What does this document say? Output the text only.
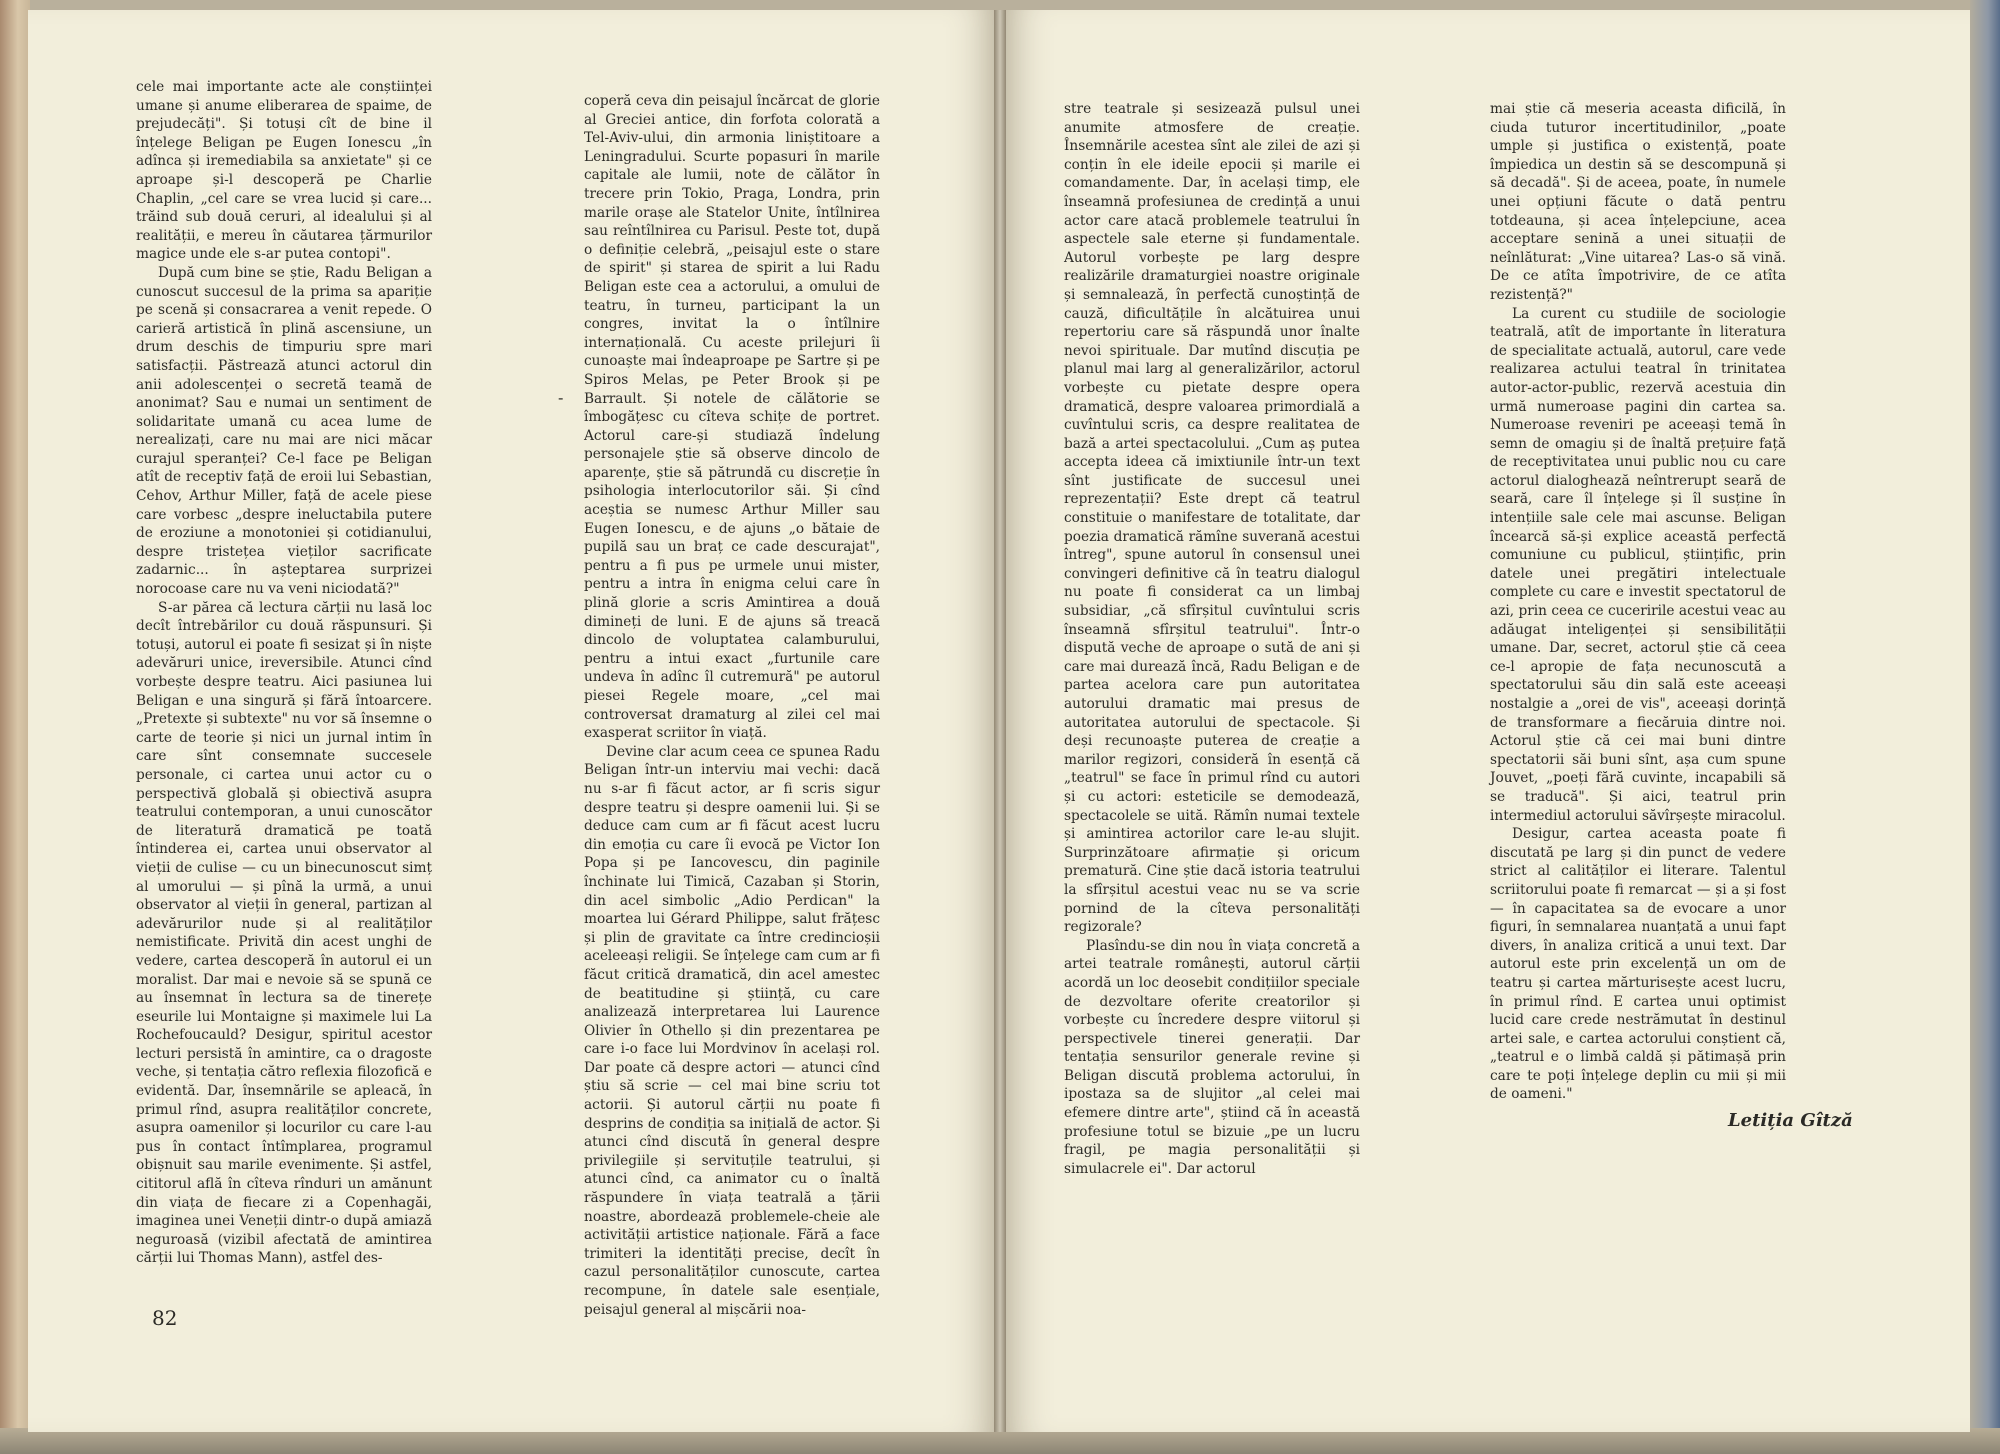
cele mai importante acte ale conștiinței umane și anume eliberarea de spaime, de prejudecăți". Și totuși cît de bine il înțelege Beligan pe Eugen Ionescu „în adînca și iremediabila sa anxietate" și ce aproape și-l descoperă pe Charlie Chaplin, „cel care se vrea lucid și care... trăind sub două ceruri, al idealului și al realității, e mereu în căutarea țărmurilor magice unde ele s-ar putea contopi".

După cum bine se știe, Radu Beligan a cunoscut succesul de la prima sa apariție pe scenă și consacrarea a venit repede. O carieră artistică în plină ascensiune, un drum deschis de timpuriu spre mari satisfacții. Păstrează atunci actorul din anii adolescenței o secretă teamă de anonimat? Sau e numai un sentiment de solidaritate umană cu acea lume de nerealizați, care nu mai are nici măcar curajul speranței? Ce-l face pe Beligan atît de receptiv față de eroii lui Sebastian, Cehov, Arthur Miller, față de acele piese care vorbesc „despre ineluctabila putere de eroziune a monotoniei și cotidianului, despre tristețea vieților sacrificate zadarnic... în așteptarea surprizei norocoase care nu va veni niciodată?"

S-ar părea că lectura cărții nu lasă loc decît întrebărilor cu două răspunsuri. Și totuși, autorul ei poate fi sesizat și în niște adevăruri unice, ireversibile. Atunci cînd vorbește despre teatru. Aici pasiunea lui Beligan e una singură și fără întoarcere. „Pretexte și subtexte" nu vor să însemne o carte de teorie și nici un jurnal intim în care sînt consemnate succesele personale, ci cartea unui actor cu o perspectivă globală și obiectivă asupra teatrului contemporan, a unui cunoscător de literatură dramatică pe toată întinderea ei, cartea unui observator al vieții de culise — cu un binecunoscut simț al umorului — și pînă la urmă, a unui observator al vieții în general, partizan al adevărurilor nude și al realităților nemistificate. Privită din acest unghi de vedere, cartea descoperă în autorul ei un moralist. Dar mai e nevoie să se spună ce au însemnat în lectura sa de tinerețe eseurile lui Montaigne și maximele lui La Rochefoucauld? Desigur, spiritul acestor lecturi persistă în amintire, ca o dragoste veche, și tentația cătro reflexia filozofică e evidentă. Dar, însemnările se apleacă, în primul rînd, asupra realităților concrete, asupra oamenilor și locurilor cu care l-au pus în contact întîmplarea, programul obișnuit sau marile evenimente. Și astfel, cititorul află în cîteva rînduri un amănunt din viața de fiecare zi a Copenhagăi, imaginea unei Veneții dintr-o după amiază neguroasă (vizibil afectată de amintirea cărții lui Thomas Mann), astfel des-

-

coperă ceva din peisajul încărcat de glorie al Greciei antice, din forfota colorată a Tel-Aviv-ului, din armonia liniștitoare a Leningradului. Scurte popasuri în marile capitale ale lumii, note de călător în trecere prin Tokio, Praga, Londra, prin marile orașe ale Statelor Unite, întîlnirea sau reîntîlnirea cu Parisul. Peste tot, după o definiție celebră, „peisajul este o stare de spirit" și starea de spirit a lui Radu Beligan este cea a actorului, a omului de teatru, în turneu, participant la un congres, invitat la o întîlnire internațională. Cu aceste prilejuri îi cunoaște mai îndeaproape pe Sartre și pe Spiros Melas, pe Peter Brook și pe Barrault. Și notele de călătorie se îmbogățesc cu cîteva schițe de portret. Actorul care-și studiază îndelung personajele știe să observe dincolo de aparențe, știe să pătrundă cu discreție în psihologia interlocutorilor săi. Și cînd aceștia se numesc Arthur Miller sau Eugen Ionescu, e de ajuns „o bătaie de pupilă sau un braț ce cade descurajat", pentru a fi pus pe urmele unui mister, pentru a intra în enigma celui care în plină glorie a scris Amintirea a două dimineți de luni. E de ajuns să treacă dincolo de voluptatea calamburului, pentru a intui exact „furtunile care undeva în adînc îl cutremură" pe autorul piesei Regele moare, „cel mai controversat dramaturg al zilei cel mai exasperat scriitor în viață.

Devine clar acum ceea ce spunea Radu Beligan într-un interviu mai vechi: dacă nu s-ar fi făcut actor, ar fi scris sigur despre teatru și despre oamenii lui. Și se deduce cam cum ar fi făcut acest lucru din emoția cu care îi evocă pe Victor Ion Popa și pe Iancovescu, din paginile închinate lui Timică, Cazaban și Storin, din acel simbolic „Adio Perdican" la moartea lui Gérard Philippe, salut frățesc și plin de gravitate ca între credincioșii aceleeași religii. Se înțelege cam cum ar fi făcut critică dramatică, din acel amestec de beatitudine și știință, cu care analizează interpretarea lui Laurence Olivier în Othello și din prezentarea pe care i-o face lui Mordvinov în același rol. Dar poate că despre actori — atunci cînd știu să scrie — cel mai bine scriu tot actorii. Și autorul cărții nu poate fi desprins de condiția sa inițială de actor. Și atunci cînd discută în general despre privilegiile și servituțile teatrului, și atunci cînd, ca animator cu o înaltă răspundere în viața teatrală a țării noastre, abordează problemele-cheie ale activității artistice naționale. Fără a face trimiteri la identități precise, decît în cazul personalităților cunoscute, cartea recompune, în datele sale esențiale, peisajul general al mișcării noa-

82

stre teatrale și sesizează pulsul unei anumite atmosfere de creație. Însemnările acestea sînt ale zilei de azi și conțin în ele ideile epocii și marile ei comandamente. Dar, în același timp, ele înseamnă profesiunea de credință a unui actor care atacă problemele teatrului în aspectele sale eterne și fundamentale. Autorul vorbește pe larg despre realizările dramaturgiei noastre originale și semnalează, în perfectă cunoștință de cauză, dificultățile în alcătuirea unui repertoriu care să răspundă unor înalte nevoi spirituale. Dar mutînd discuția pe planul mai larg al generalizărilor, actorul vorbește cu pietate despre opera dramatică, despre valoarea primordială a cuvîntului scris, ca despre realitatea de bază a artei spectacolului. „Cum aș putea accepta ideea că imixtiunile într-un text sînt justificate de succesul unei reprezentații? Este drept că teatrul constituie o manifestare de totalitate, dar poezia dramatică rămîne suverană acestui întreg", spune autorul în consensul unei convingeri definitive că în teatru dialogul nu poate fi considerat ca un limbaj subsidiar, „că sfîrșitul cuvîntului scris înseamnă sfîrșitul teatrului". Într-o dispută veche de aproape o sută de ani și care mai durează încă, Radu Beligan e de partea acelora care pun autoritatea autorului dramatic mai presus de autoritatea autorului de spectacole. Și deși recunoaște puterea de creație a marilor regizori, consideră în esență că „teatrul" se face în primul rînd cu autori și cu actori: esteticile se demodează, spectacolele se uită. Rămîn numai textele și amintirea actorilor care le-au slujit. Surprinzătoare afirmație și oricum prematură. Cine știe dacă istoria teatrului la sfîrșitul acestui veac nu se va scrie pornind de la cîteva personalități regizorale?

Plasîndu-se din nou în viața concretă a artei teatrale românești, autorul cărții acordă un loc deosebit condițiilor speciale de dezvoltare oferite creatorilor și vorbește cu încredere despre viitorul și perspectivele tinerei generații. Dar tentația sensurilor generale revine și Beligan discută problema actorului, în ipostaza sa de slujitor „al celei mai efemere dintre arte", știind că în această profesiune totul se bizuie „pe un lucru fragil, pe magia personalității și simulacrele ei". Dar actorul

mai știe că meseria aceasta dificilă, în ciuda tuturor incertitudinilor, „poate umple și justifica o existență, poate împiedica un destin să se descompună și să decadă". Și de aceea, poate, în numele unei opțiuni făcute o dată pentru totdeauna, și acea înțelepciune, acea acceptare senină a unei situații de neînlăturat: „Vine uitarea? Las-o să vină. De ce atîta împotrivire, de ce atîta rezistență?"

La curent cu studiile de sociologie teatrală, atît de importante în literatura de specialitate actuală, autorul, care vede realizarea actului teatral în trinitatea autor-actor-public, rezervă acestuia din urmă numeroase pagini din cartea sa. Numeroase reveniri pe aceeași temă în semn de omagiu și de înaltă prețuire față de receptivitatea unui public nou cu care actorul dialoghează neîntrerupt seară de seară, care îl înțelege și îl susține în intențiile sale cele mai ascunse. Beligan încearcă să-și explice această perfectă comuniune cu publicul, științific, prin datele unei pregătiri intelectuale complete cu care e investit spectatorul de azi, prin ceea ce cuceririle acestui veac au adăugat inteligenței și sensibilității umane. Dar, secret, actorul știe că ceea ce-l apropie de fața necunoscută a spectatorului său din sală este aceeași nostalgie a „orei de vis", aceeași dorință de transformare a fiecăruia dintre noi. Actorul știe că cei mai buni dintre spectatorii săi buni sînt, așa cum spune Jouvet, „poeți fără cuvinte, incapabili să se traducă". Și aici, teatrul prin intermediul actorului săvîrșește miracolul.

Desigur, cartea aceasta poate fi discutată pe larg și din punct de vedere strict al calităților ei literare. Talentul scriitorului poate fi remarcat — și a și fost — în capacitatea sa de evocare a unor figuri, în semnalarea nuanțată a unui fapt divers, în analiza critică a unui text. Dar autorul este prin excelență un om de teatru și cartea mărturisește acest lucru, în primul rînd. E cartea unui optimist lucid care crede nestrămutat în destinul artei sale, e cartea actorului conștient că, „teatrul e o limbă caldă și pătimașă prin care te poți înțelege deplin cu mii și mii de oameni."

Letiția Gîtză
